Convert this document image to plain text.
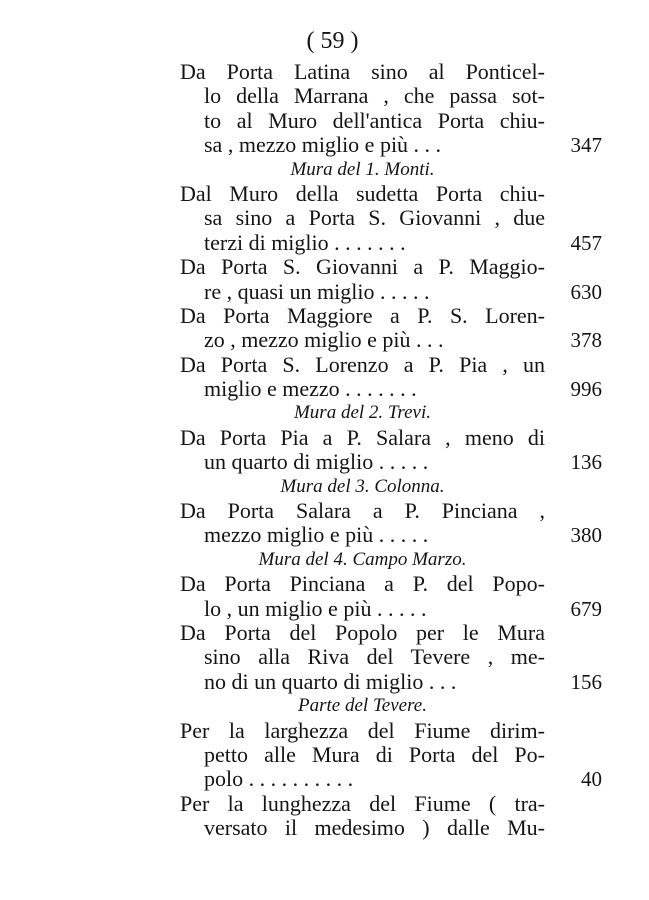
( 59 )
Da Porta Latina sino al Ponticel-
lo della Marrana , che passa sot-
to al Muro dell'antica Porta chiu-
sa , mezzo miglio e più . . .	347
Mura del 1. Monti.
Dal Muro della sudetta Porta chiu-
sa sino a Porta S. Giovanni , due
terzi di miglio . . . . . . .	457
Da Porta S. Giovanni a P. Maggio-
re , quasi un miglio . . . . .	630
Da Porta Maggiore a P. S. Loren-
zo , mezzo miglio e più . . .	378
Da Porta S. Lorenzo a P. Pia , un
miglio e mezzo . . . . . . .	996
Mura del 2. Trevi.
Da Porta Pia a P. Salara , meno di
un quarto di miglio . . . . .	136
Mura del 3. Colonna.
Da Porta Salara a P. Pinciana ,
mezzo miglio e più . . . . .	380
Mura del 4. Campo Marzo.
Da Porta Pinciana a P. del Popo-
lo , un miglio e più . . . . .	679
Da Porta del Popolo per le Mura
sino alla Riva del Tevere , me-
no di un quarto di miglio . . .	156
Parte del Tevere.
Per la larghezza del Fiume dirim-
petto alle Mura di Porta del Po-
polo . . . . . . . . . .	40
Per la lunghezza del Fiume ( tra-
versato il medesimo ) dalle Mu-
